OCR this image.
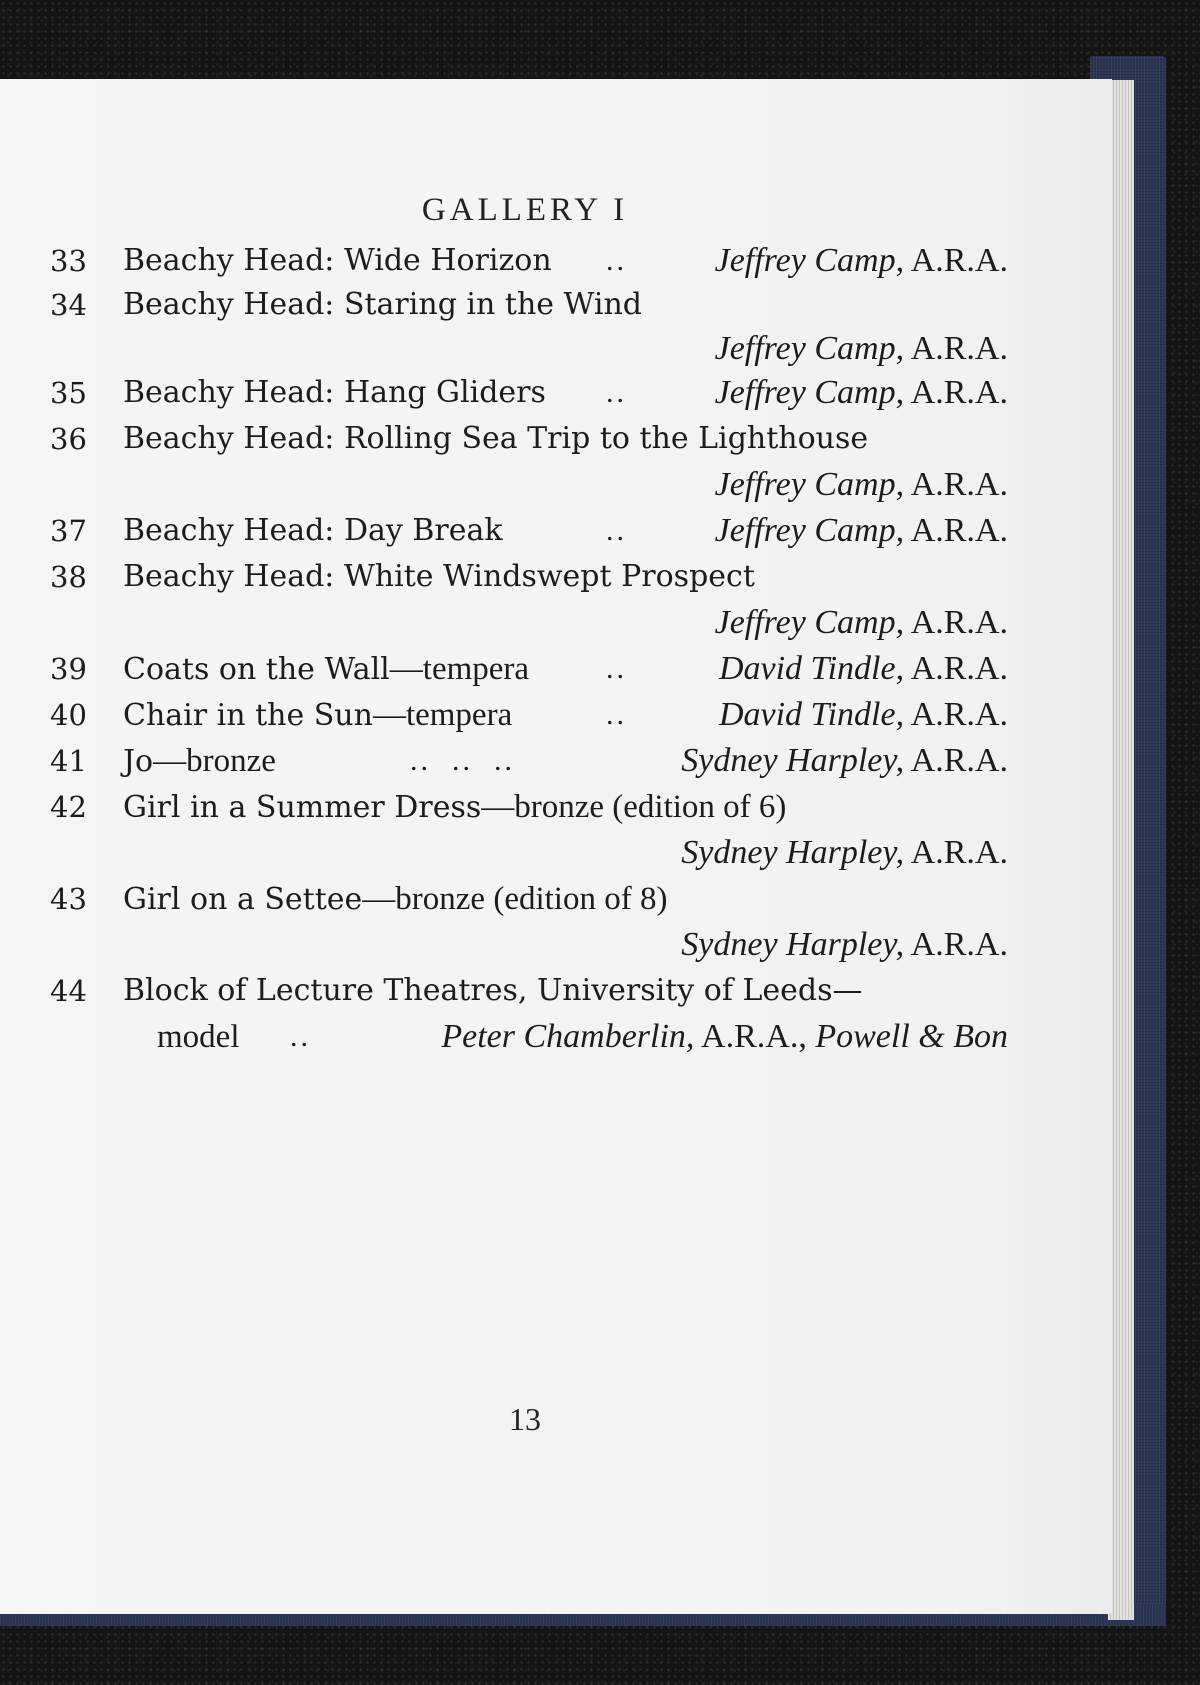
GALLERY I
33 Beachy Head: Wide Horizon ..	Jeffrey Camp, A.R.A.
34 Beachy Head: Staring in the Wind
Jeffrey Camp, A.R.A.
35 Beachy Head: Hang Gliders ..	Jeffrey Camp, A.R.A.
36 Beachy Head: Rolling Sea Trip to the Lighthouse
Jeffrey Camp, A.R.A.
37 Beachy Head: Day Break	..	Jeffrey Camp, A.R.A.
38 Beachy Head: White Windswept Prospect
Jeffrey Camp, A.R.A.
39 Coats on the Wall—tempera	..	David Tindle, A.R.A.
40 Chair in the Sun—tempera	..	David Tindle, A.R.A.
41 Jo—bronze	..  ..  ..	Sydney Harpley, A.R.A.
42 Girl in a Summer Dress—bronze (edition of 6)
Sydney Harpley, A.R.A.
43 Girl on a Settee—bronze (edition of 8)
Sydney Harpley, A.R.A.
44 Block of Lecture Theatres, University of Leeds—
model ..	Peter Chamberlin, A.R.A., Powell & Bon
13
